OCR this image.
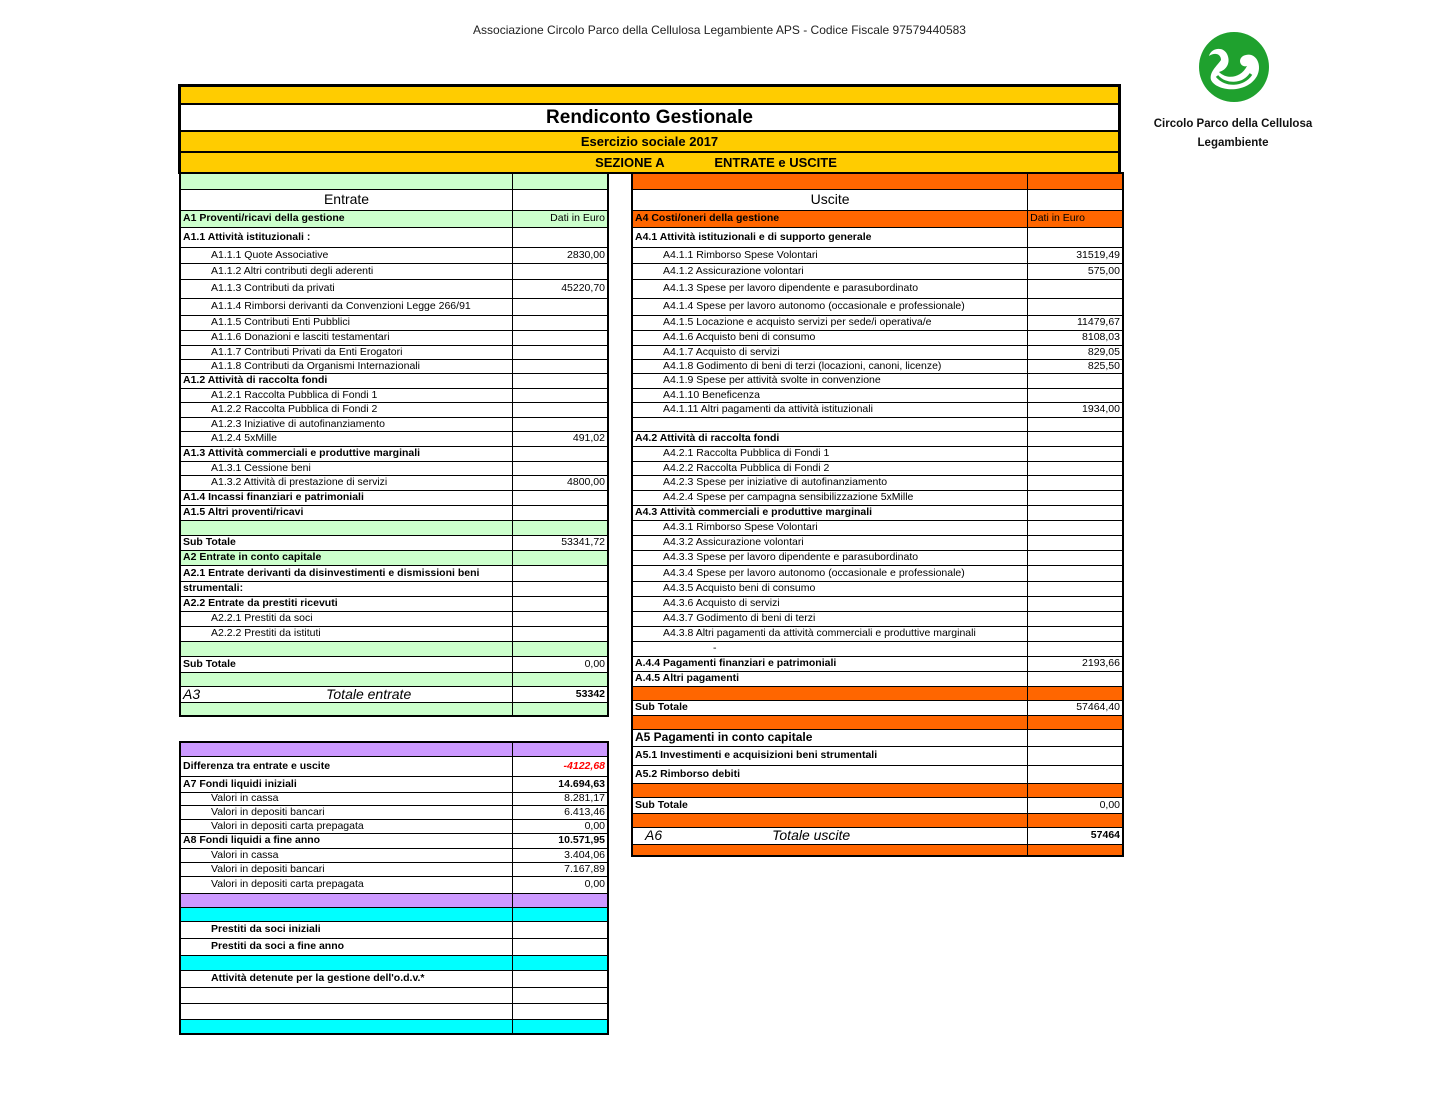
Associazione Circolo Parco della Cellulosa Legambiente APS - Codice Fiscale 97579440583
Circolo Parco della Cellulosa
Legambiente
Rendiconto Gestionale
Esercizio sociale 2017
SEZIONE A	ENTRATE e USCITE

Entrate	
A1 Proventi/ricavi della gestione	Dati in Euro
A1.1 Attività istituzionali :	
A1.1.1 Quote Associative	2830,00
A1.1.2 Altri contributi degli aderenti	
A1.1.3 Contributi da privati	45220,70
A1.1.4 Rimborsi derivanti da Convenzioni Legge 266/91	
A1.1.5 Contributi Enti Pubblici	
A1.1.6 Donazioni e lasciti testamentari	
A1.1.7 Contributi Privati da Enti Erogatori	
A1.1.8 Contributi da Organismi Internazionali	
A1.2 Attività di raccolta fondi	
A1.2.1 Raccolta Pubblica di Fondi 1	
A1.2.2 Raccolta Pubblica di Fondi 2	
A1.2.3 Iniziative di autofinanziamento	
A1.2.4 5xMille	491,02
A1.3 Attività commerciali e produttive marginali	
A1.3.1 Cessione beni	
A1.3.2 Attività di prestazione di servizi	4800,00
A1.4 Incassi finanziari e patrimoniali	
A1.5 Altri proventi/ricavi	

Sub Totale	53341,72
A2 Entrate in conto capitale	
A2.1 Entrate derivanti da disinvestimenti e dismissioni beni	
strumentali:	
A2.2 Entrate da prestiti ricevuti	
A2.2.1 Prestiti da soci	
A2.2.2 Prestiti da istituti	

Sub Totale	0,00

A3 Totale entrate	53342

Uscite	
A4 Costi/oneri della gestione	Dati in Euro
A4.1 Attività istituzionali e di supporto generale	
A4.1.1 Rimborso Spese Volontari	31519,49
A4.1.2 Assicurazione volontari	575,00
A4.1.3 Spese per lavoro dipendente e parasubordinato	
A4.1.4 Spese per lavoro autonomo (occasionale e professionale)	
A4.1.5 Locazione e acquisto servizi per sede/i operativa/e	11479,67
A4.1.6 Acquisto beni di consumo	8108,03
A4.1.7 Acquisto di servizi	829,05
A4.1.8 Godimento di beni di terzi (locazioni, canoni, licenze)	825,50
A4.1.9 Spese per attività svolte in convenzione	
A4.1.10 Beneficenza	
A4.1.11 Altri pagamenti da attività istituzionali	1934,00

A4.2 Attività di raccolta fondi	
A4.2.1 Raccolta Pubblica di Fondi 1	
A4.2.2 Raccolta Pubblica di Fondi 2	
A4.2.3 Spese per iniziative di autofinanziamento	
A4.2.4 Spese per campagna sensibilizzazione 5xMille	
A4.3 Attività commerciali e produttive marginali	
A4.3.1 Rimborso Spese Volontari	
A4.3.2 Assicurazione volontari	
A4.3.3 Spese per lavoro dipendente e parasubordinato	
A4.3.4 Spese per lavoro autonomo (occasionale e professionale)	
A4.3.5 Acquisto beni di consumo	
A4.3.6 Acquisto di servizi	
A4.3.7 Godimento di beni di terzi	
A4.3.8 Altri pagamenti da attività commerciali e produttive marginali	
-	
A.4.4 Pagamenti finanziari e patrimoniali	2193,66
A.4.5 Altri pagamenti	

Sub Totale	57464,40

A5 Pagamenti in conto capitale	
A5.1 Investimenti e acquisizioni beni strumentali	
A5.2 Rimborso debiti	

Sub Totale	0,00

A6 Totale uscite	57464

Differenza tra entrate e uscite	-4122,68
A7 Fondi liquidi iniziali	14.694,63
Valori in cassa	8.281,17
Valori in depositi bancari	6.413,46
Valori in depositi carta prepagata	0,00
A8 Fondi liquidi a fine anno	10.571,95
Valori in cassa	3.404,06
Valori in depositi bancari	7.167,89
Valori in depositi carta prepagata	0,00

Prestiti da soci iniziali	
Prestiti da soci a fine anno	

Attività detenute per la gestione dell'o.d.v.*	
